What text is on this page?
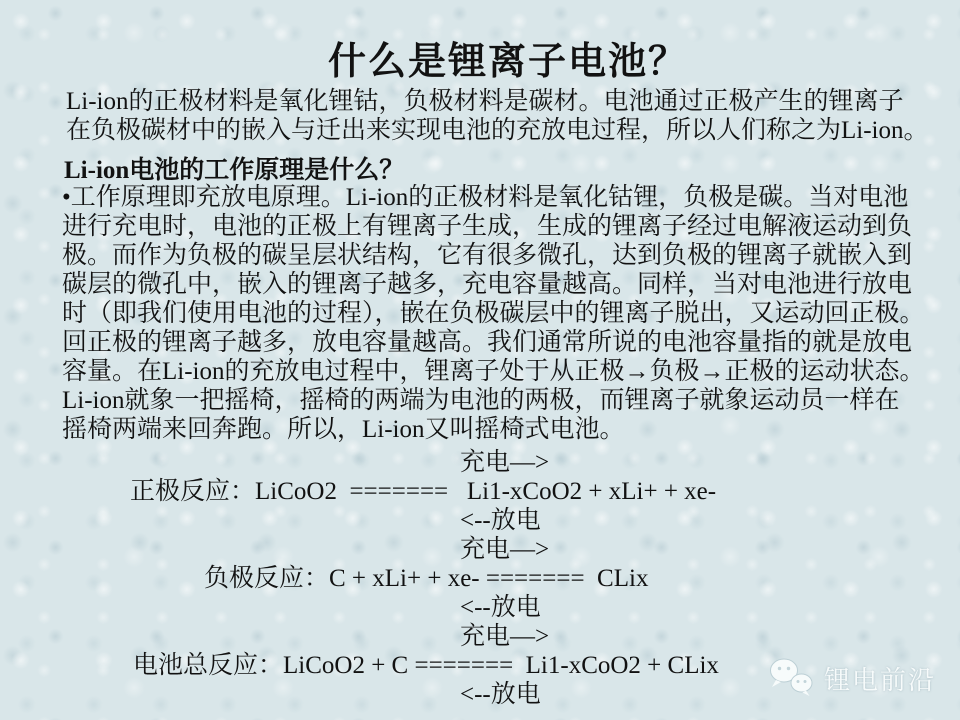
什么是锂离子电池？
Li-ion的正极材料是氧化锂钴，负极材料是碳材。电池通过正极产生的锂离子
在负极碳材中的嵌入与迁出来实现电池的充放电过程，所以人们称之为Li-ion。
Li-ion电池的工作原理是什么？
•工作原理即充放电原理。Li-ion的正极材料是氧化钴锂，负极是碳。当对电池
进行充电时，电池的正极上有锂离子生成，生成的锂离子经过电解液运动到负
极。而作为负极的碳呈层状结构，它有很多微孔，达到负极的锂离子就嵌入到
碳层的微孔中，嵌入的锂离子越多，充电容量越高。同样，当对电池进行放电
时（即我们使用电池的过程），嵌在负极碳层中的锂离子脱出，又运动回正极。
回正极的锂离子越多，放电容量越高。我们通常所说的电池容量指的就是放电
容量。在Li-ion的充放电过程中，锂离子处于从正极→负极→正极的运动状态。
Li-ion就象一把摇椅，摇椅的两端为电池的两极，而锂离子就象运动员一样在
摇椅两端来回奔跑。所以，Li-ion又叫摇椅式电池。
充电—>
正极反应：LiCoO2  =======   Li1-xCoO2 + xLi+ + xe-
<--放电
充电—>
负极反应：C + xLi+ + xe- =======  CLix
<--放电
充电—>
电池总反应：LiCoO2 + C =======  Li1-xCoO2 + CLix
<--放电	锂电前沿
